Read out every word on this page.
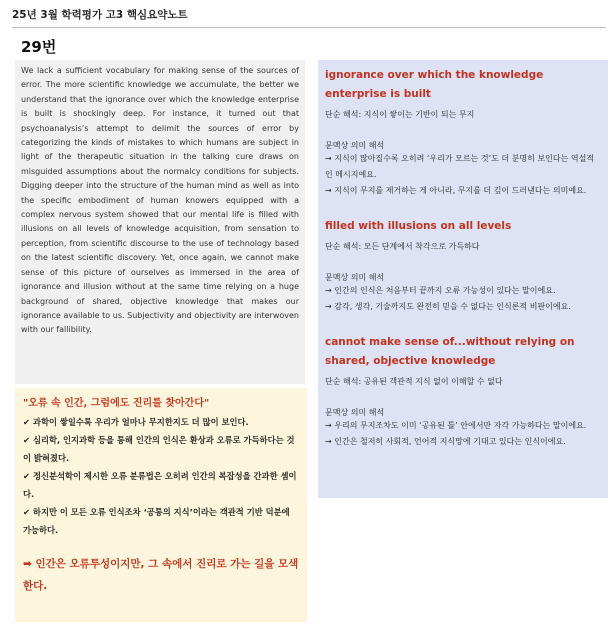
25년 3월 학력평가 고3 핵심요약노트
29번
We lack a sufficient vocabulary for making sense of the sources of error. The more scientific knowledge we accumulate, the better we understand that the ignorance over which the knowledge enterprise is built is shockingly deep. For instance, it turned out that psychoanalysis’s attempt to delimit the sources of error by categorizing the kinds of mistakes to which humans are subject in light of the therapeutic situation in the talking cure draws on misguided assumptions about the normalcy conditions for subjects. Digging deeper into the structure of the human mind as well as into the specific embodiment of human knowers equipped with a complex nervous system showed that our mental life is filled with illusions on all levels of knowledge acquisition, from sensation to perception, from scientific discourse to the use of technology based on the latest scientific discovery. Yet, once again, we cannot make sense of this picture of ourselves as immersed in the area of ignorance and illusion without at the same time relying on a huge background of shared, objective knowledge that makes our ignorance available to us. Subjectivity and objectivity are interwoven with our fallibility.
"오류 속 인간, 그럼에도 진리를 찾아간다"
✔ 과학이 쌓일수록 우리가 얼마나 무지한지도 더 많이 보인다.
✔ 심리학, 인지과학 등을 통해 인간의 인식은 환상과 오류로 가득하다는 것이 밝혀졌다.
✔ 정신분석학이 제시한 오류 분류법은 오히려 인간의 복잡성을 간과한 셈이다.
✔ 하지만 이 모든 오류 인식조차 ‘공통의 지식’이라는 객관적 기반 덕분에 가능하다.
➡ 인간은 오류투성이지만, 그 속에서 진리로 가는 길을 모색한다.
ignorance over which the knowledge enterprise is built
단순 해석: 지식이 쌓이는 기반이 되는 무지
문맥상 의미 해석
→ 지식이 많아질수록 오히려 ‘우리가 모르는 것’도 더 분명히 보인다는 역설적인 메시지예요.
→ 지식이 무지를 제거하는 게 아니라, 무지를 더 깊이 드러낸다는 의미예요.
filled with illusions on all levels
단순 해석: 모든 단계에서 착각으로 가득하다
문맥상 의미 해석
→ 인간의 인식은 처음부터 끝까지 오류 가능성이 있다는 말이에요.
→ 감각, 생각, 기술까지도 완전히 믿을 수 없다는 인식론적 비판이에요.
cannot make sense of...without relying on shared, objective knowledge
단순 해석: 공유된 객관적 지식 없이 이해할 수 없다
문맥상 의미 해석
→ 우리의 무지조차도 이미 ‘공유된 틀’ 안에서만 자각 가능하다는 말이에요.
→ 인간은 철저히 사회적, 언어적 지식망에 기대고 있다는 인식이에요.
